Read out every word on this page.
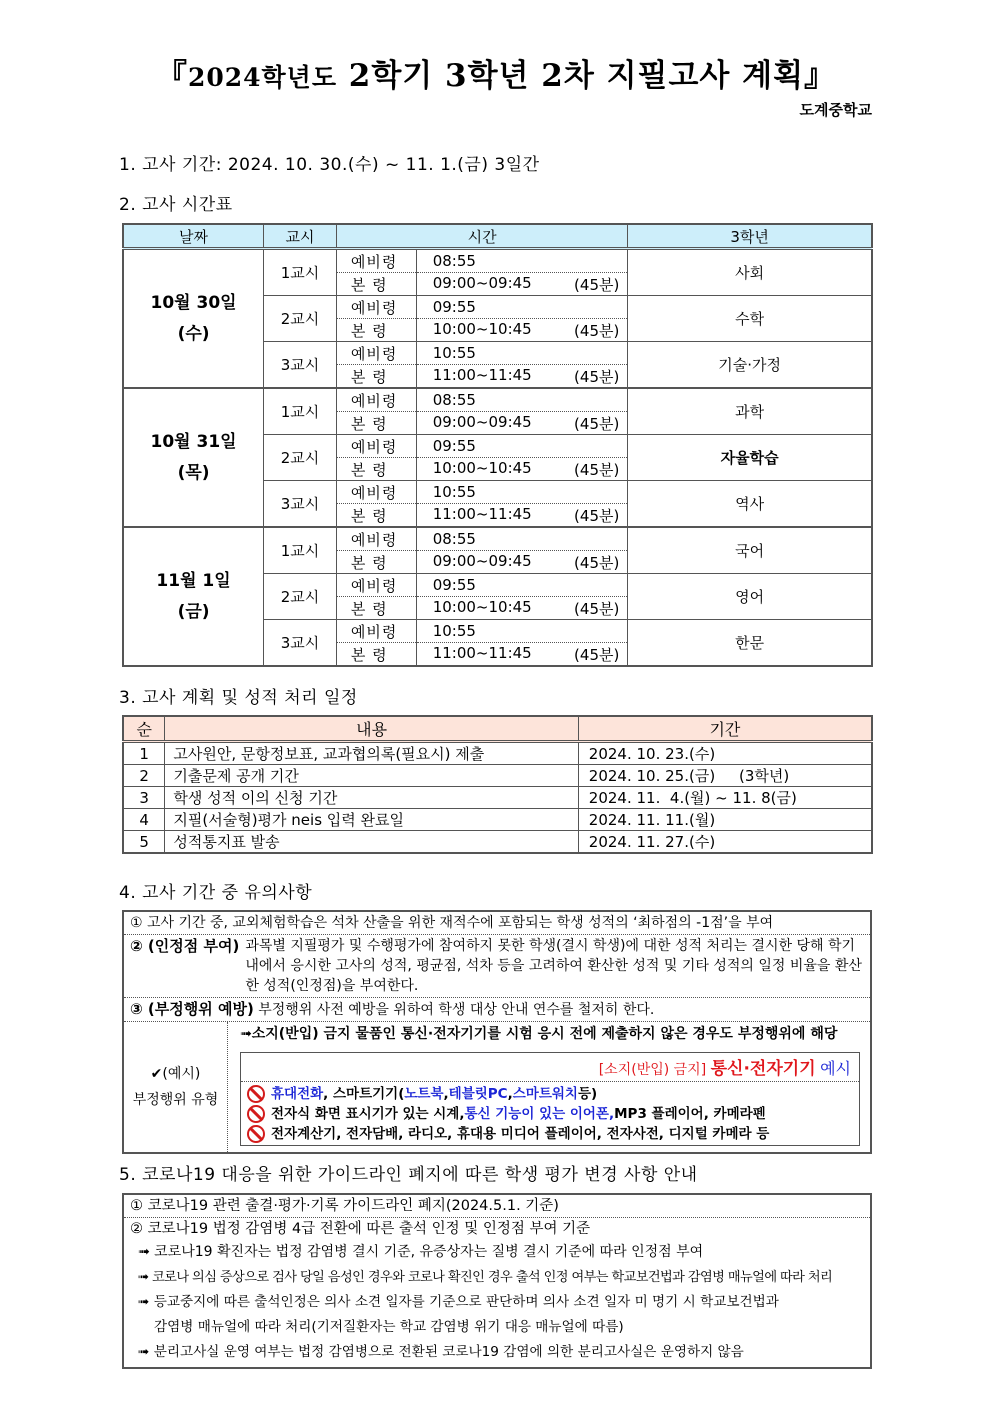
『2024학년도 2학기 3학년 2차 지필고사 계획』
도계중학교
1. 고사 기간: 2024. 10. 30.(수) ~ 11. 1.(금) 3일간
2. 고사 시간표
날짜	교시	시간		3학년

10월 30일
(수)	1교시	예비령	08:55	사회
		본 령	09:00~09:45 (45분)	

	2교시	예비령	09:55	수학
		본 령	10:00~10:45 (45분)	

	3교시	예비령	10:55	기술·가정
		본 령	11:00~11:45 (45분)	

10월 31일
(목)	1교시	예비령	08:55	과학
		본 령	09:00~09:45 (45분)	

	2교시	예비령	09:55	자율학습
		본 령	10:00~10:45 (45분)	

	3교시	예비령	10:55	역사
		본 령	11:00~11:45 (45분)	

11월 1일
(금)	1교시	예비령	08:55	국어
		본 령	09:00~09:45 (45분)	

	2교시	예비령	09:55	영어
		본 령	10:00~10:45 (45분)	

	3교시	예비령	10:55	한문
		본 령	11:00~11:45 (45분)	
3. 고사 계획 및 성적 처리 일정
순	내용	기간
1	고사원안, 문항정보표, 교과협의록(필요시) 제출	2024. 10. 23.(수)
2	기출문제 공개 기간	2024. 10. 25.(금)     (3학년)
3	학생 성적 이의 신청 기간	2024. 11.  4.(월) ~ 11. 8(금)
4	지필(서술형)평가 neis 입력 완료일	2024. 11. 11.(월)
5	성적통지표 발송	2024. 11. 27.(수)
4. 고사 기간 중 유의사항
① 고사 기간 중, 교외체험학습은 석차 산출을 위한 재적수에 포함되는 학생 성적의 ‘최하점의 -1점’을 부여
② (인정점 부여) 과목별 지필평가 및 수행평가에 참여하지 못한 학생(결시 학생)에 대한 성적 처리는 결시한 당해 학기 내에서 응시한 고사의 성적, 평균점, 석차 등을 고려하여 환산한 성적 및 기타 성적의 일정 비율을 환산한 성적(인정점)을 부여한다.
③ (부정행위 예방) 부정행위 사전 예방을 위하여 학생 대상 안내 연수를 철저히 한다.
✔(예시)
부정행위 유형
➟소지(반입) 금지 물품인 통신·전자기기를 시험 응시 전에 제출하지 않은 경우도 부정행위에 해당
[소지(반입) 금지] 통신·전자기기 예시
휴대전화 , 스마트기기( 노트북 , 테블릿PC , 스마트워치 등)
전자식 화면 표시기가 있는 시계, 통신 기능이 있는 이어폰, MP3 플레이어, 카메라펜
전자계산기, 전자담배, 라디오, 휴대용 미디어 플레이어, 전자사전, 디지털 카메라 등
5. 코로나19 대응을 위한 가이드라인 폐지에 따른 학생 평가 변경 사항 안내
① 코로나19 관련 출결·평가·기록 가이드라인 폐지(2024.5.1. 기준)
② 코로나19 법정 감염병 4급 전환에 따른 출석 인정 및 인정점 부여 기준
➟ 코로나19 확진자는 법정 감염병 결시 기준, 유증상자는 질병 결시 기준에 따라 인정점 부여
➟ 코로나 의심 증상으로 검사 당일 음성인 경우와 코로나 확진인 경우 출석 인정 여부는 학교보건법과 감염병 매뉴얼에 따라 처리
➟ 등교중지에 따른 출석인정은 의사 소견 일자를 기준으로 판단하며 의사 소견 일자 미 명기 시 학교보건법과
감염병 매뉴얼에 따라 처리(기저질환자는 학교 감염병 위기 대응 매뉴얼에 따름)
➟ 분리고사실 운영 여부는 법정 감염병으로 전환된 코로나19 감염에 의한 분리고사실은 운영하지 않음
